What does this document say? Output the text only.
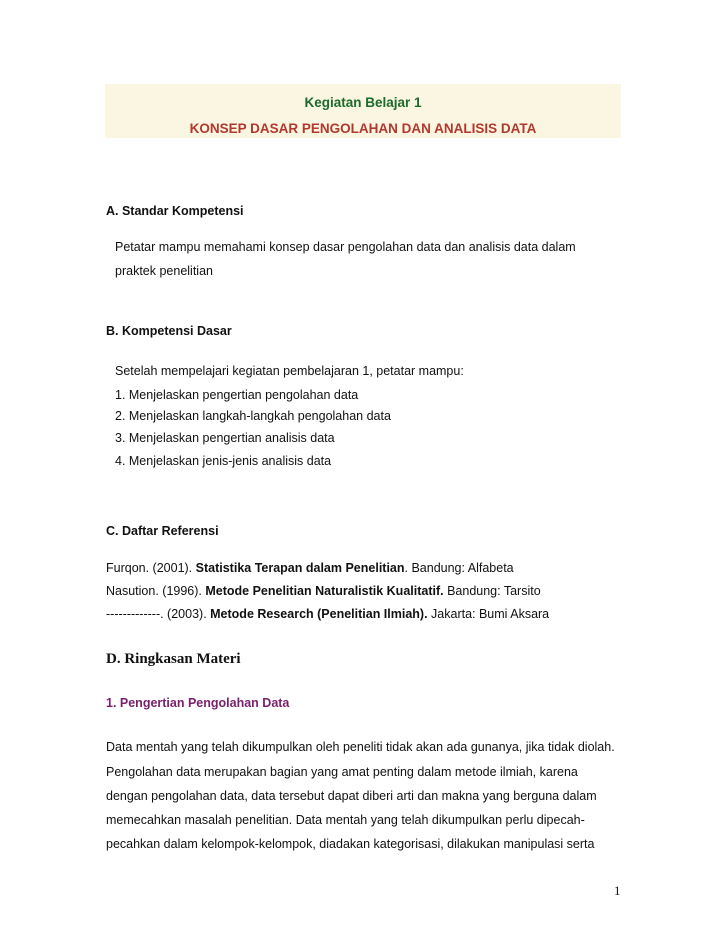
Kegiatan Belajar 1
KONSEP DASAR PENGOLAHAN DAN ANALISIS DATA
A. Standar Kompetensi
Petatar mampu memahami konsep dasar pengolahan data dan analisis data dalam
praktek penelitian
B. Kompetensi Dasar
Setelah mempelajari kegiatan pembelajaran 1, petatar mampu:
1. Menjelaskan pengertian pengolahan data
2. Menjelaskan langkah-langkah pengolahan data
3. Menjelaskan pengertian analisis data
4. Menjelaskan jenis-jenis analisis data
C. Daftar Referensi
Furqon. (2001). Statistika Terapan dalam Penelitian. Bandung: Alfabeta
Nasution. (1996). Metode Penelitian Naturalistik Kualitatif. Bandung: Tarsito
-------------. (2003). Metode Research (Penelitian Ilmiah). Jakarta: Bumi Aksara
D. Ringkasan Materi
1. Pengertian Pengolahan Data
Data mentah yang telah dikumpulkan oleh peneliti tidak akan ada gunanya, jika tidak diolah.
Pengolahan data merupakan bagian yang amat penting dalam metode ilmiah, karena
dengan pengolahan data, data tersebut dapat diberi arti dan makna yang berguna dalam
memecahkan masalah penelitian. Data mentah yang telah dikumpulkan perlu dipecah-
pecahkan dalam kelompok-kelompok, diadakan kategorisasi, dilakukan manipulasi serta
1
